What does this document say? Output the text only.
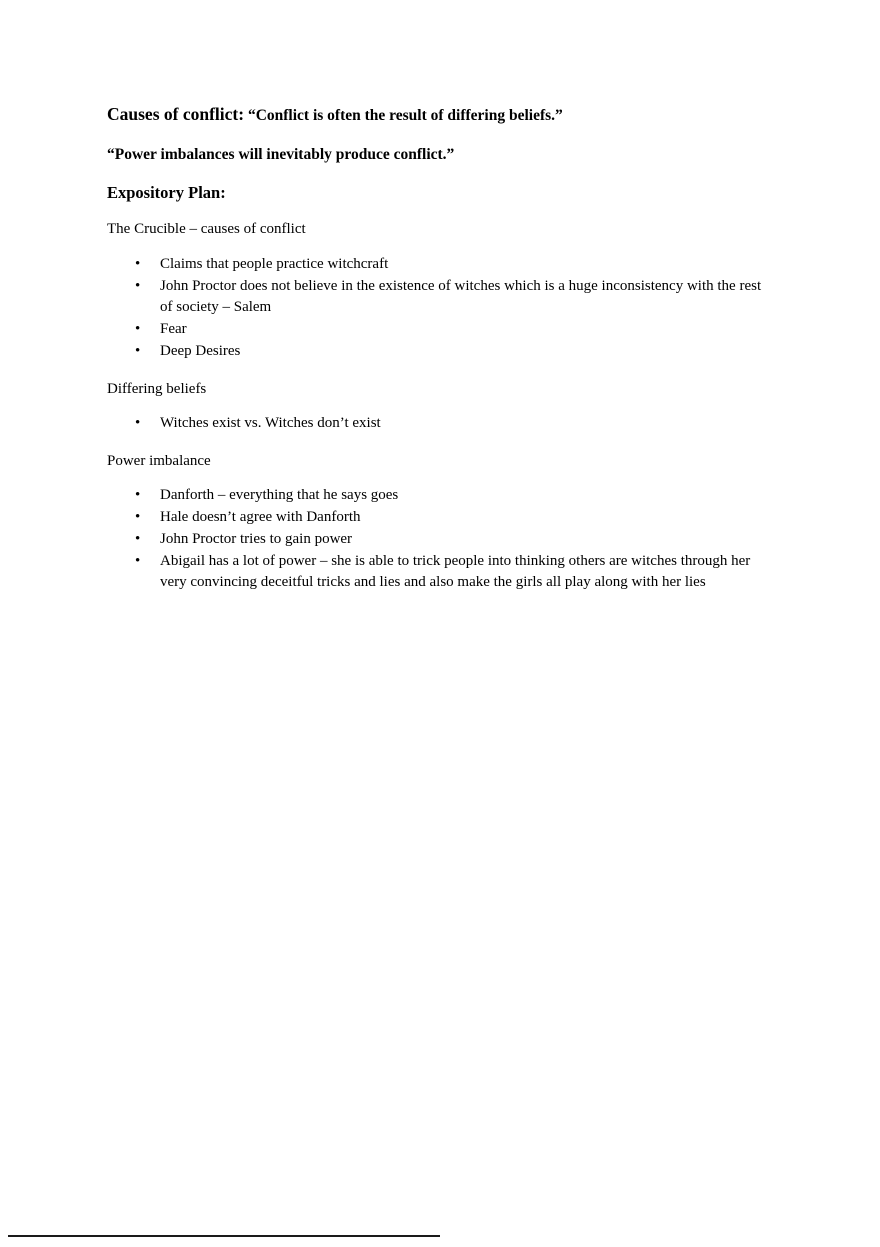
Causes of conflict: “Conflict is often the result of differing beliefs.”

“Power imbalances will inevitably produce conflict.”

Expository Plan:

The Crucible – causes of conflict

• Claims that people practice witchcraft
• John Proctor does not believe in the existence of witches which is a huge inconsistency with the rest of society – Salem
• Fear
• Deep Desires

Differing beliefs

• Witches exist vs. Witches don’t exist

Power imbalance

• Danforth – everything that he says goes
• Hale doesn’t agree with Danforth
• John Proctor tries to gain power
• Abigail has a lot of power – she is able to trick people into thinking others are witches through her very convincing deceitful tricks and lies and also make the girls all play along with her lies
